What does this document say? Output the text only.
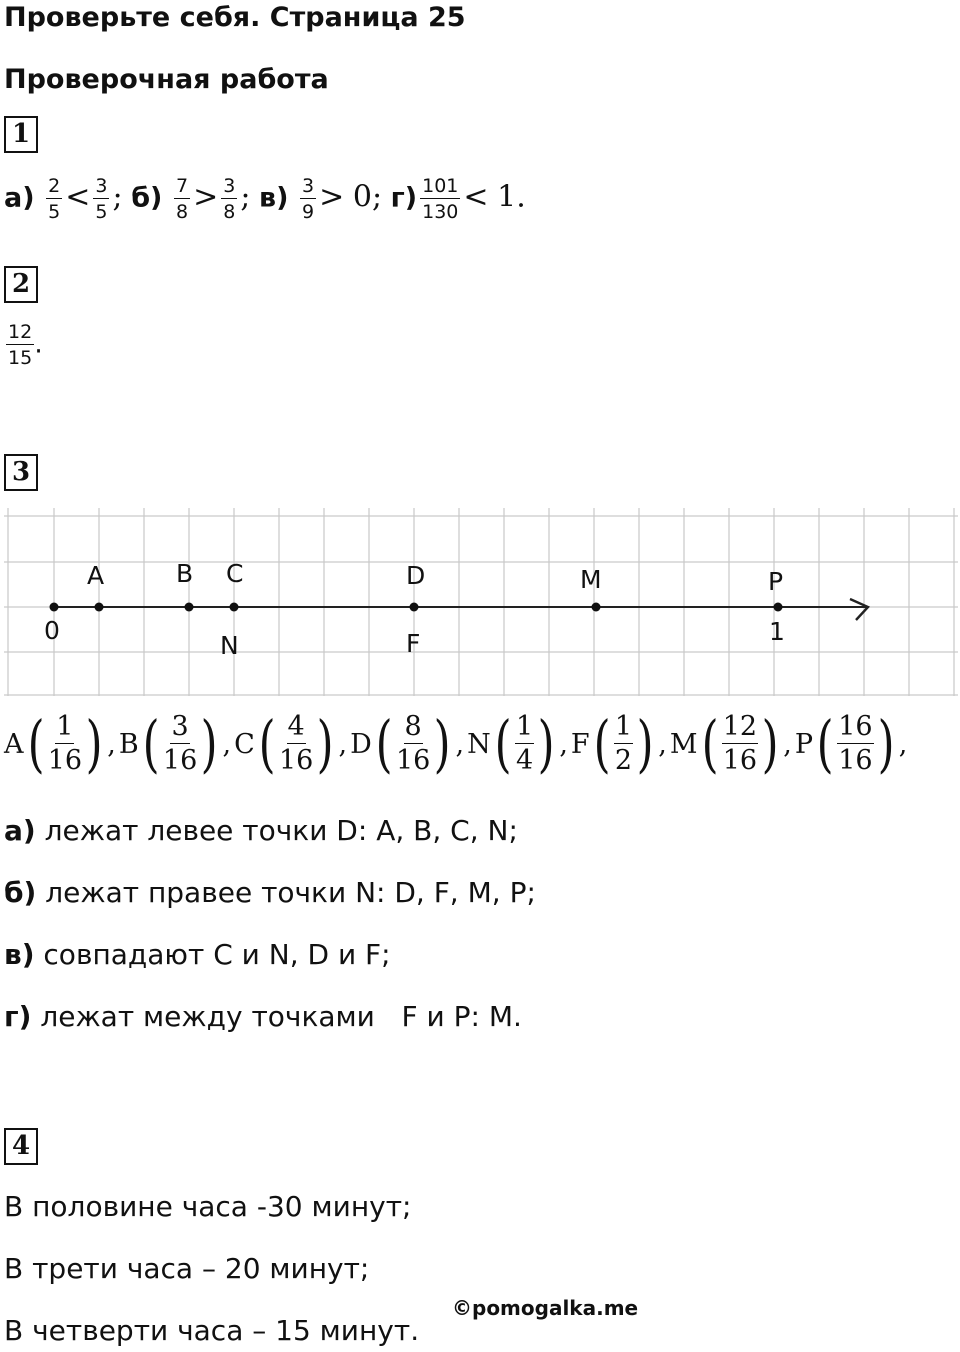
Проверьте себя. Страница 25
Проверочная работа
1
$а) \frac{2}{5} < \frac{3}{5}$ ; $б) \frac{7}{8} > \frac{3}{8}$ ; $в) \frac{3}{9} > 0$; $г) \frac{101}{130} < 1$.
2
$\frac{12}{15}$ .
3
0	1
A	B C	D	M	P
N	F
A ( $\frac{1}{16}$ ) , B ( $\frac{3}{16}$ ) , C ( $\frac{4}{16}$ ) , D ( $\frac{8}{16}$ ) , N ( $\frac{1}{4}$ ) , F ( $\frac{1}{2}$ ) , M ( $\frac{12}{16}$ ) , P ( $\frac{16}{16}$ ) ,
а) лежат левее точки D: A, B, C, N;
б) лежат правее точки N: D, F, M, P;
в) совпадают C и N, D и F;
г) лежат между точками   F и P: M.
4
В половине часа -30 минут;
В трети часа – 20 минут;
В четверти часа – 15 минут.
©pomogalka.me
